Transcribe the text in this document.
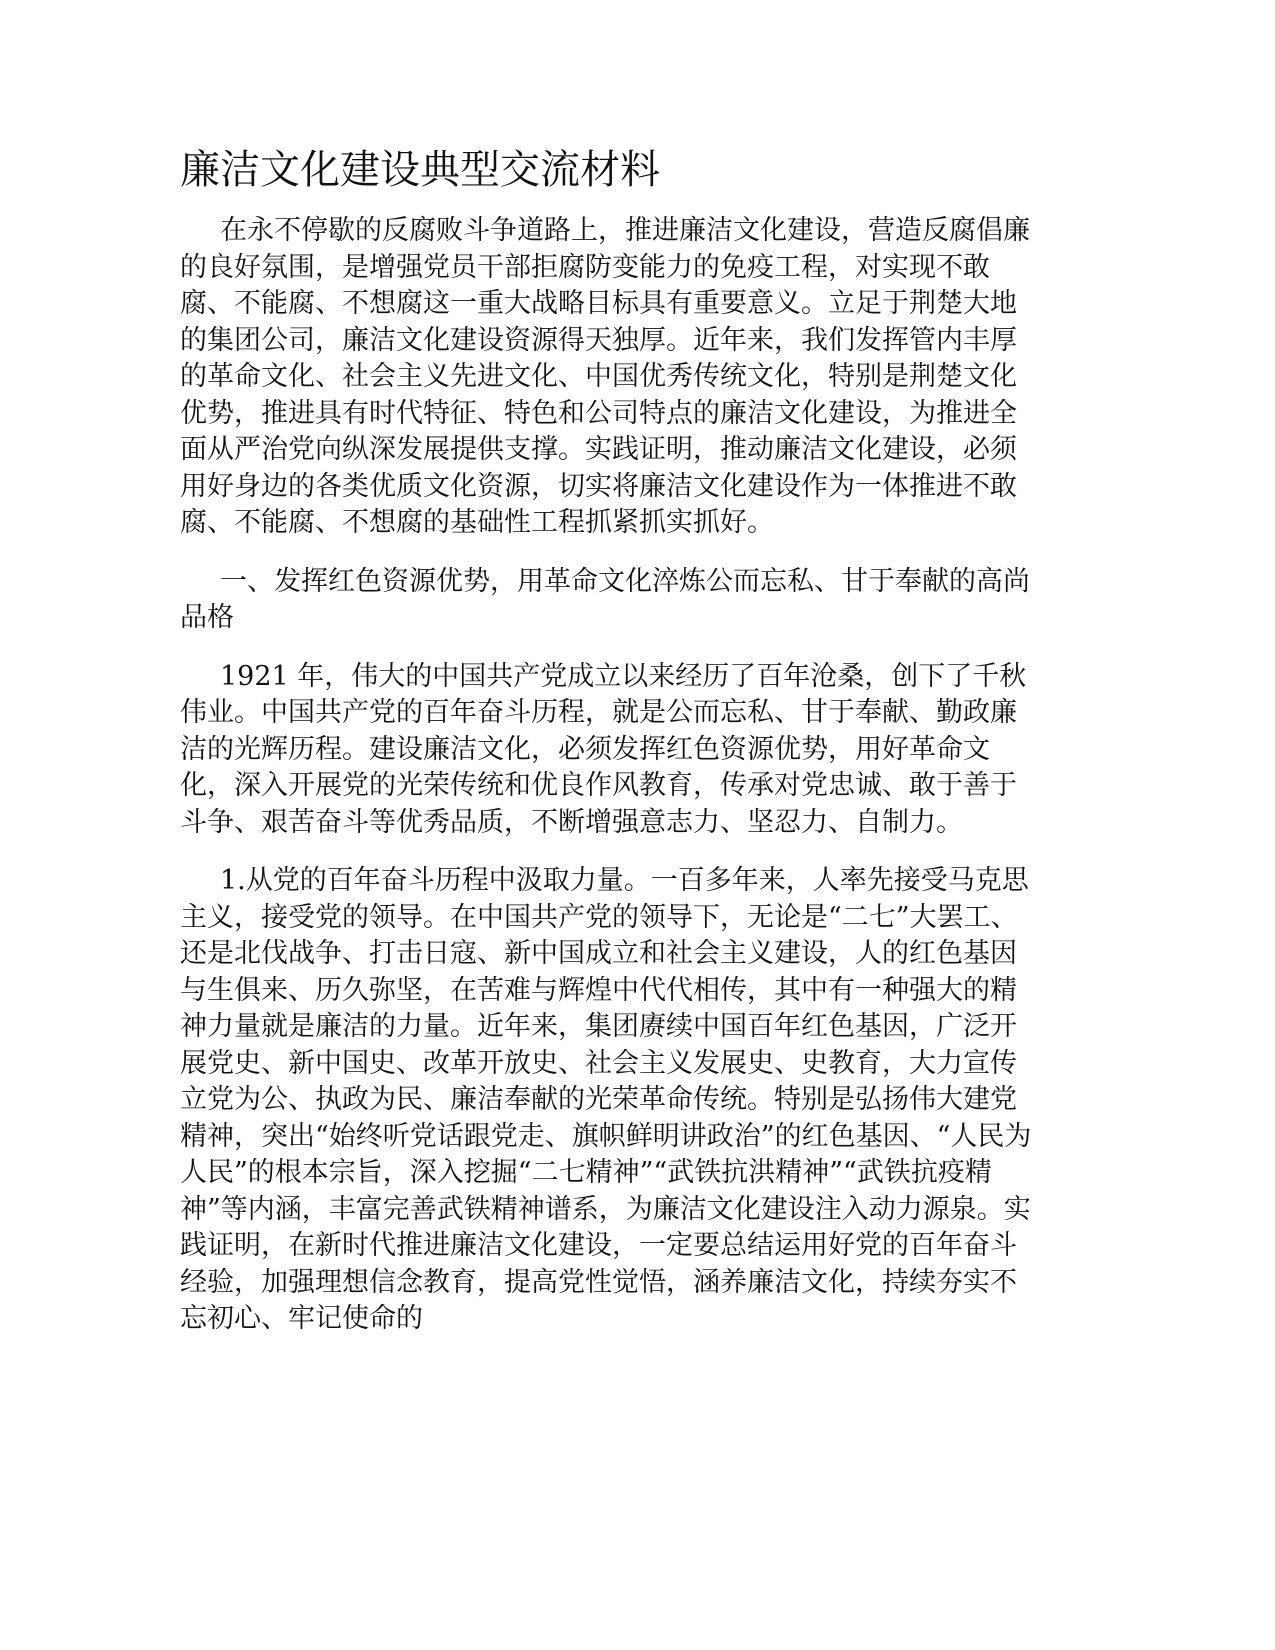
廉洁文化建设典型交流材料

在永不停歇的反腐败斗争道路上，推进廉洁文化建设，营造反腐倡廉的良好氛围，是增强党员干部拒腐防变能力的免疫工程，对实现不敢腐、不能腐、不想腐这一重大战略目标具有重要意义。立足于荆楚大地的集团公司，廉洁文化建设资源得天独厚。近年来，我们发挥管内丰厚的革命文化、社会主义先进文化、中国优秀传统文化，特别是荆楚文化优势，推进具有时代特征、特色和公司特点的廉洁文化建设，为推进全面从严治党向纵深发展提供支撑。实践证明，推动廉洁文化建设，必须用好身边的各类优质文化资源，切实将廉洁文化建设作为一体推进不敢腐、不能腐、不想腐的基础性工程抓紧抓实抓好。

一、发挥红色资源优势，用革命文化淬炼公而忘私、甘于奉献的高尚品格

1921 年，伟大的中国共产党成立以来经历了百年沧桑，创下了千秋伟业。中国共产党的百年奋斗历程，就是公而忘私、甘于奉献、勤政廉洁的光辉历程。建设廉洁文化，必须发挥红色资源优势，用好革命文化，深入开展党的光荣传统和优良作风教育，传承对党忠诚、敢于善于斗争、艰苦奋斗等优秀品质，不断增强意志力、坚忍力、自制力。

1.从党的百年奋斗历程中汲取力量。一百多年来，人率先接受马克思主义，接受党的领导。在中国共产党的领导下，无论是“二七”大罢工、还是北伐战争、打击日寇、新中国成立和社会主义建设，人的红色基因与生俱来、历久弥坚，在苦难与辉煌中代代相传，其中有一种强大的精神力量就是廉洁的力量。近年来，集团赓续中国百年红色基因，广泛开展党史、新中国史、改革开放史、社会主义发展史、史教育，大力宣传立党为公、执政为民、廉洁奉献的光荣革命传统。特别是弘扬伟大建党精神，突出“始终听党话跟党走、旗帜鲜明讲政治”的红色基因、“人民为人民”的根本宗旨，深入挖掘“二七精神”“武铁抗洪精神”“武铁抗疫精神”等内涵，丰富完善武铁精神谱系，为廉洁文化建设注入动力源泉。实践证明，在新时代推进廉洁文化建设，一定要总结运用好党的百年奋斗经验，加强理想信念教育，提高党性觉悟，涵养廉洁文化，持续夯实不忘初心、牢记使命的
